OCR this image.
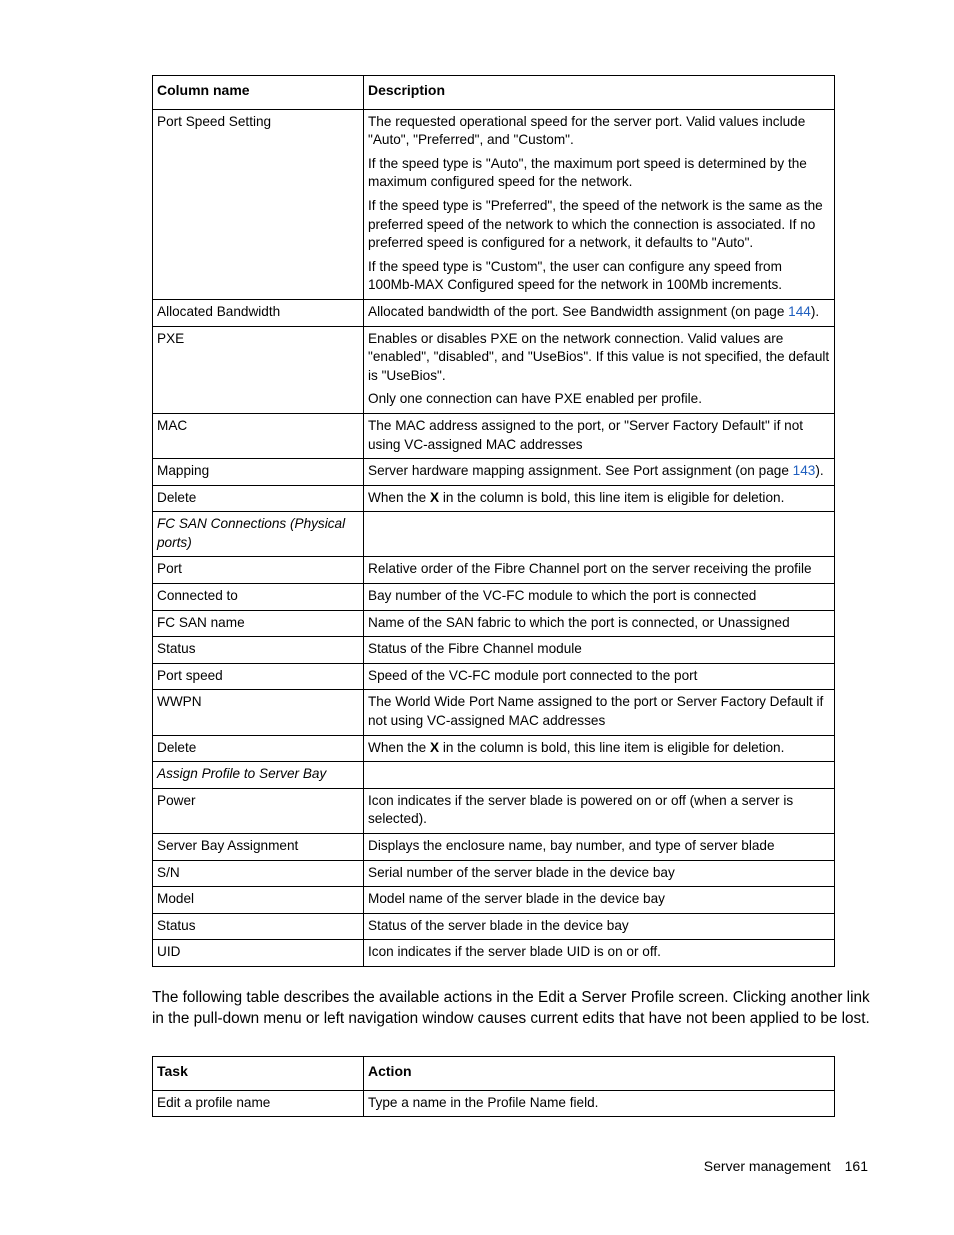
Column name	Description
Port Speed Setting	The requested operational speed for the server port. Valid values include "Auto", "Preferred", and "Custom".

If the speed type is "Auto", the maximum port speed is determined by the maximum configured speed for the network.

If the speed type is "Preferred", the speed of the network is the same as the preferred speed of the network to which the connection is associated. If no preferred speed is configured for a network, it defaults to "Auto".

If the speed type is "Custom", the user can configure any speed from 100Mb-MAX Configured speed for the network in 100Mb increments.

Allocated Bandwidth	Allocated bandwidth of the port. See Bandwidth assignment (on page 144).
PXE	Enables or disables PXE on the network connection. Valid values are "enabled", "disabled", and "UseBios". If this value is not specified, the default is "UseBios".

Only one connection can have PXE enabled per profile.

MAC	The MAC address assigned to the port, or "Server Factory Default" if not using VC-assigned MAC addresses
Mapping	Server hardware mapping assignment. See Port assignment (on page 143).
Delete	When the X in the column is bold, this line item is eligible for deletion.
FC SAN Connections (Physical ports)	
Port	Relative order of the Fibre Channel port on the server receiving the profile
Connected to	Bay number of the VC-FC module to which the port is connected
FC SAN name	Name of the SAN fabric to which the port is connected, or Unassigned
Status	Status of the Fibre Channel module
Port speed	Speed of the VC-FC module port connected to the port
WWPN	The World Wide Port Name assigned to the port or Server Factory Default if not using VC-assigned MAC addresses
Delete	When the X in the column is bold, this line item is eligible for deletion.
Assign Profile to Server Bay	
Power	Icon indicates if the server blade is powered on or off (when a server is selected).
Server Bay Assignment	Displays the enclosure name, bay number, and type of server blade
S/N	Serial number of the server blade in the device bay
Model	Model name of the server blade in the device bay
Status	Status of the server blade in the device bay
UID	Icon indicates if the server blade UID is on or off.

The following table describes the available actions in the Edit a Server Profile screen. Clicking another link in the pull-down menu or left navigation window causes current edits that have not been applied to be lost.

Task	Action
Edit a profile name	Type a name in the Profile Name field.
Server management 161
